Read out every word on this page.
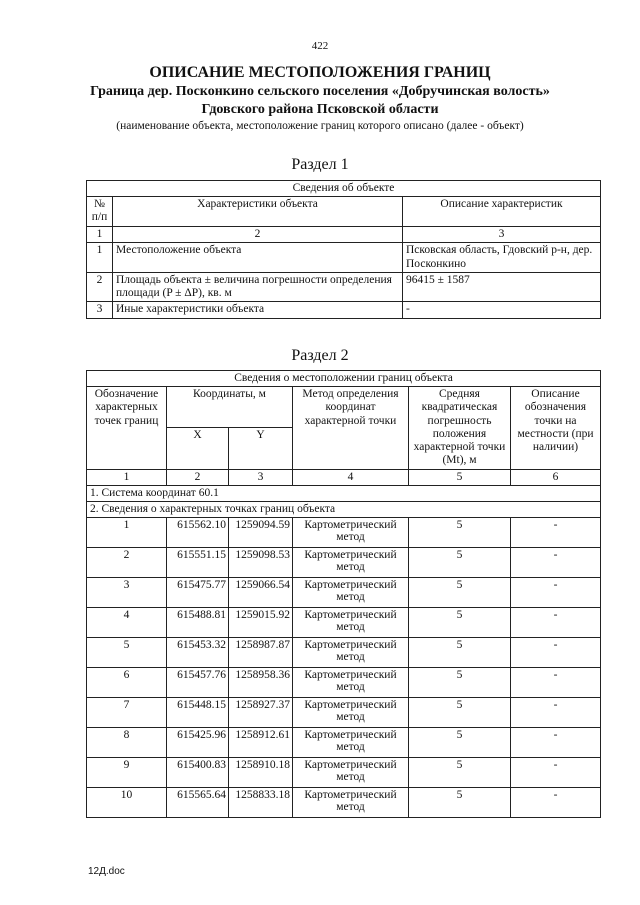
422
ОПИСАНИЕ МЕСТОПОЛОЖЕНИЯ ГРАНИЦ
Граница дер. Посконкино сельского поселения «Добручинская волость»
Гдовского района Псковской области
(наименование объекта, местоположение границ которого описано (далее - объект)
Раздел 1
Сведения об объекте		
№ п/п	Характеристики объекта	Описание характеристик
1	2	3
1	Местоположение объекта	Псковская область, Гдовский р-н, дер. Посконкино
2	Площадь объекта ± величина погрешности определения площади (P ± ΔP), кв. м	96415 ± 1587
3	Иные характеристики объекта	-
Раздел 2
Сведения о местоположении границ объекта					
Обозначение характерных точек границ	Координаты, м		Метод определения координат характерной точки	Средняя квадратическая погрешность положения характерной точки (Mt), м	Описание обозначения точки на местности (при наличии)
	X	Y			
1	2	3	4	5	6
1. Система координат 60.1					
2. Сведения о характерных точках границ объекта					
1	615562.10	1259094.59	Картометрический метод	5	-
2	615551.15	1259098.53	Картометрический метод	5	-
3	615475.77	1259066.54	Картометрический метод	5	-
4	615488.81	1259015.92	Картометрический метод	5	-
5	615453.32	1258987.87	Картометрический метод	5	-
6	615457.76	1258958.36	Картометрический метод	5	-
7	615448.15	1258927.37	Картометрический метод	5	-
8	615425.96	1258912.61	Картометрический метод	5	-
9	615400.83	1258910.18	Картометрический метод	5	-
10	615565.64	1258833.18	Картометрический метод	5	-
12Д.doc
